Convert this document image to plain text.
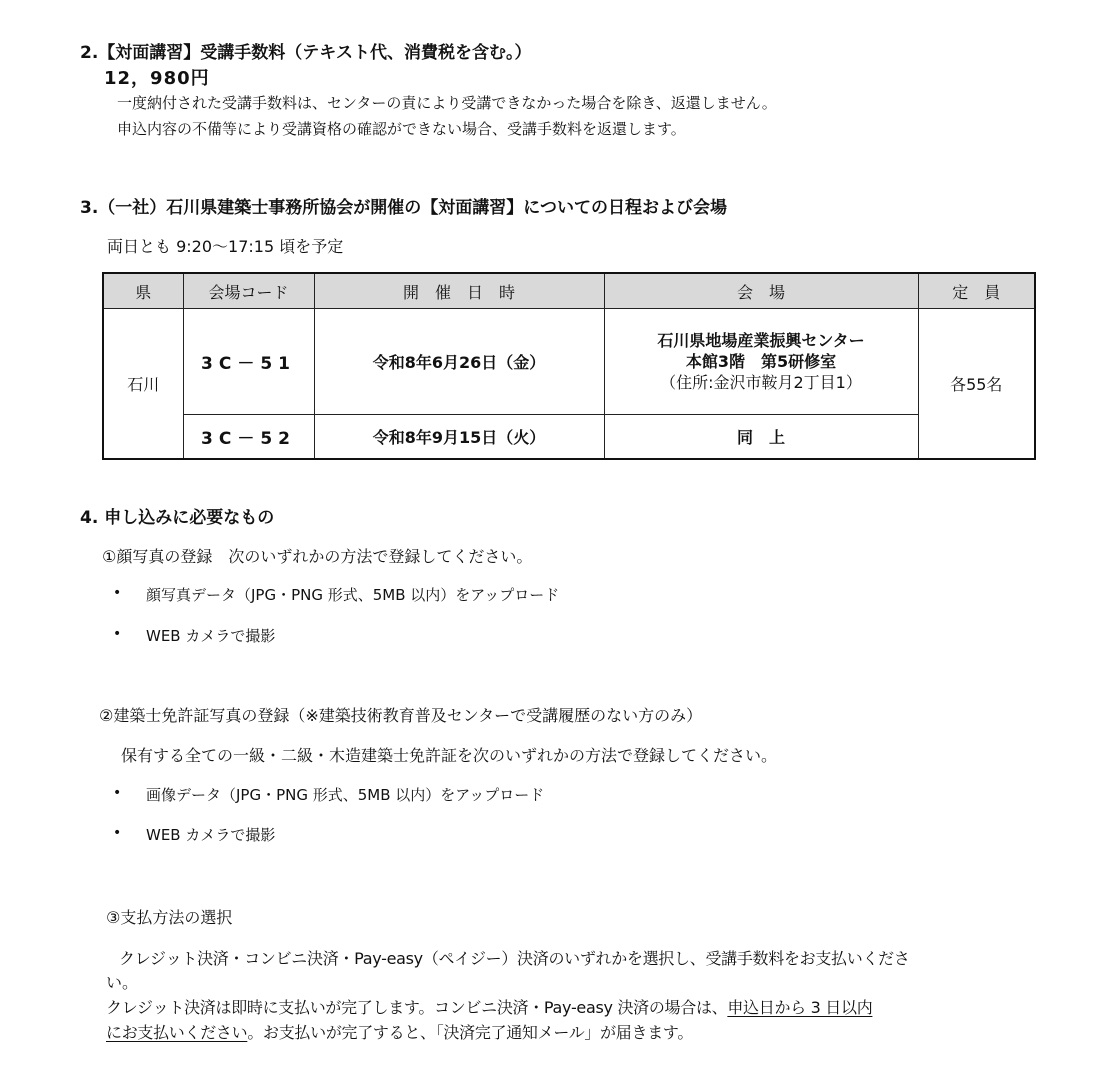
2.【対面講習】受講手数料（テキスト代、消費税を含む。）
12，980円
一度納付された受講手数料は、センターの責により受講できなかった場合を除き、返還しません。
申込内容の不備等により受講資格の確認ができない場合、受講手数料を返還します。
3.（一社）石川県建築士事務所協会が開催の【対面講習】についての日程および会場
両日とも 9:20～17:15 頃を予定
県	会場コード	開　催　日　時	会　場	定　員
石川	3C－51	令和8年6月26日（金）	石川県地場産業振興センター
本館3階　第5研修室
（住所:金沢市鞍月2丁目1）	各55名
	3C－52	令和8年9月15日（火）	同　上	
4. 申し込みに必要なもの
①顔写真の登録　次のいずれかの方法で登録してください。
• 顔写真データ（JPG・PNG 形式、5MB 以内）をアップロード
• WEB カメラで撮影
②建築士免許証写真の登録（※建築技術教育普及センターで受講履歴のない方のみ）
保有する全ての一級・二級・木造建築士免許証を次のいずれかの方法で登録してください。
• 画像データ（JPG・PNG 形式、5MB 以内）をアップロード
• WEB カメラで撮影
③支払方法の選択
クレジット決済・コンビニ決済・Pay-easy（ペイジー）決済のいずれかを選択し、受講手数料をお支払いくださ
い。
クレジット決済は即時に支払いが完了します。コンビニ決済・Pay-easy 決済の場合は、申込日から 3 日以内
にお支払いください。お支払いが完了すると、「決済完了通知メール」が届きます。
